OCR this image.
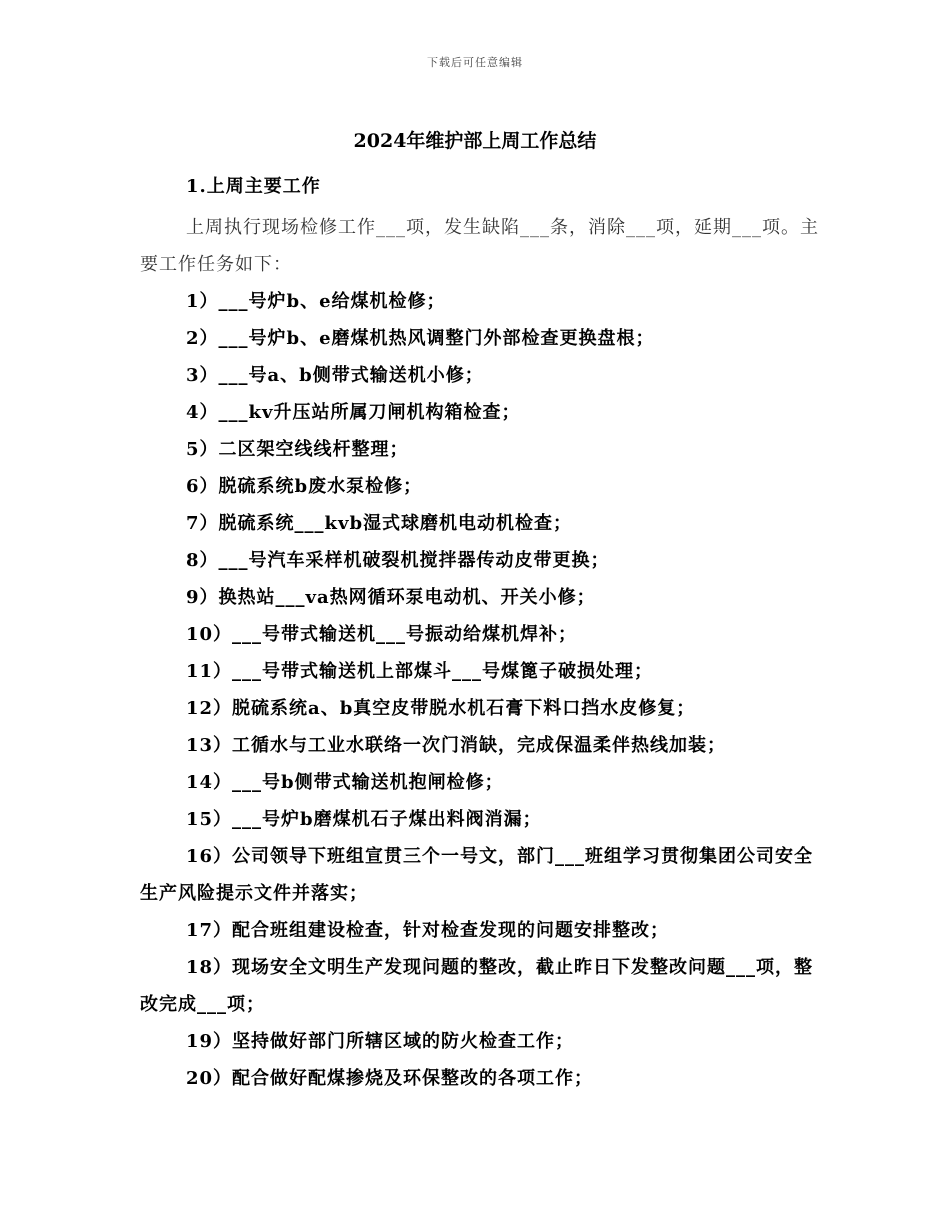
下载后可任意编辑
2024年维护部上周工作总结
1.上周主要工作
上周执行现场检修工作___项，发生缺陷___条，消除___项，延期___项。主要工作任务如下：
1）___号炉b、e给煤机检修；
2）___号炉b、e磨煤机热风调整门外部检查更换盘根；
3）___号a、b侧带式输送机小修；
4）___kv升压站所属刀闸机构箱检查；
5）二区架空线线杆整理；
6）脱硫系统b废水泵检修；
7）脱硫系统___kvb湿式球磨机电动机检查；
8）___号汽车采样机破裂机搅拌器传动皮带更换；
9）换热站___va热网循环泵电动机、开关小修；
10）___号带式输送机___号振动给煤机焊补；
11）___号带式输送机上部煤斗___号煤篦子破损处理；
12）脱硫系统a、b真空皮带脱水机石膏下料口挡水皮修复；
13）工循水与工业水联络一次门消缺，完成保温柔伴热线加装；
14）___号b侧带式输送机抱闸检修；
15）___号炉b磨煤机石子煤出料阀消漏；
16）公司领导下班组宣贯三个一号文，部门___班组学习贯彻集团公司安全生产风险提示文件并落实；
17）配合班组建设检查，针对检查发现的问题安排整改；
18）现场安全文明生产发现问题的整改，截止昨日下发整改问题___项，整改完成___项；
19）坚持做好部门所辖区域的防火检查工作；
20）配合做好配煤掺烧及环保整改的各项工作；
